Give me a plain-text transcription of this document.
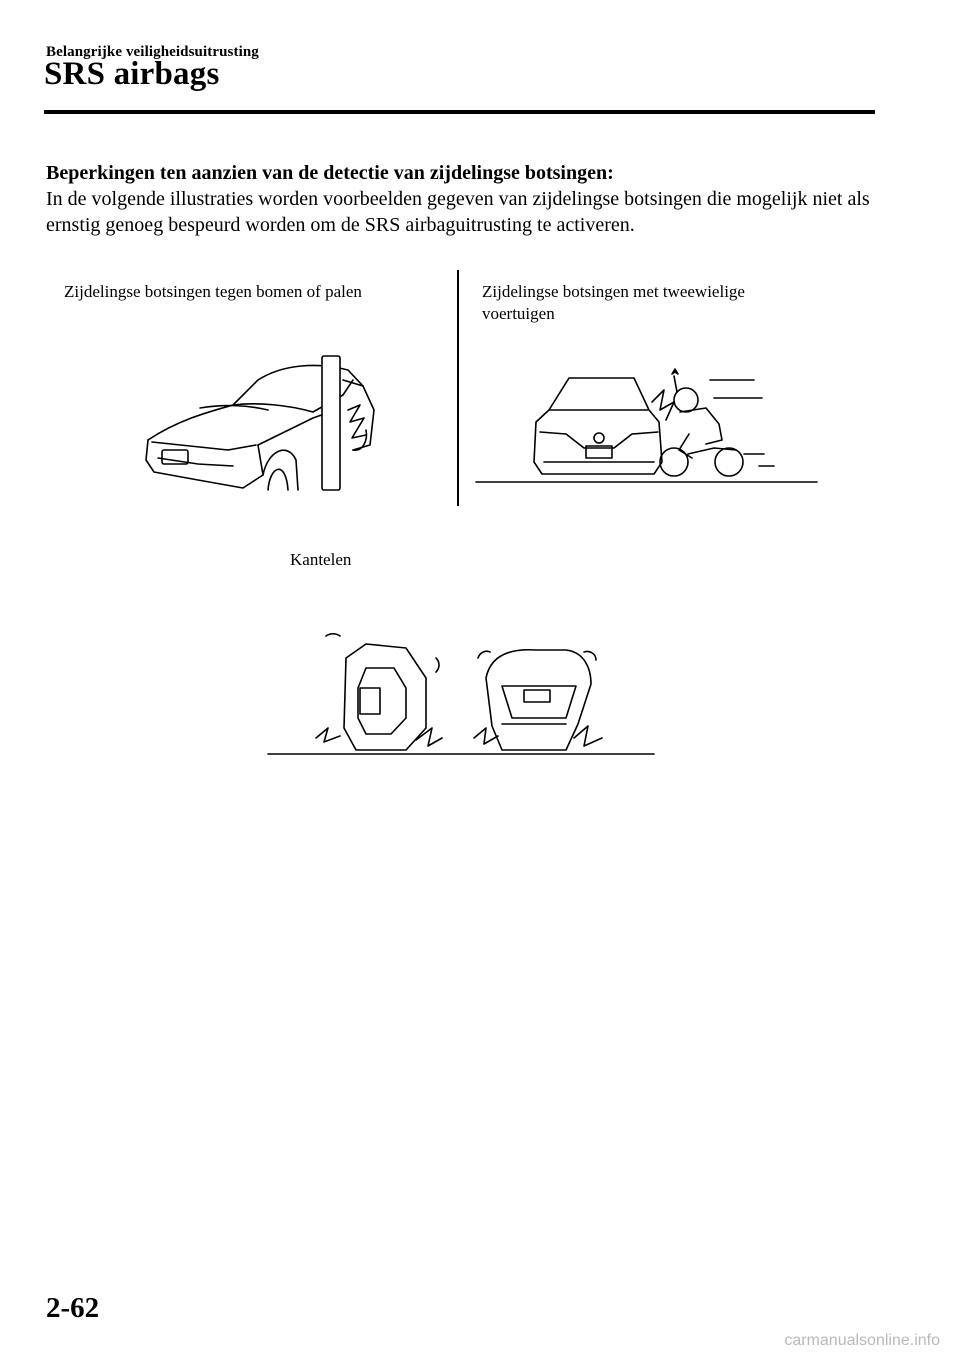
Belangrijke veiligheidsuitrusting
SRS airbags
Beperkingen ten aanzien van de detectie van zijdelingse botsingen:
In de volgende illustraties worden voorbeelden gegeven van zijdelingse botsingen die mogelijk niet als ernstig genoeg bespeurd worden om de SRS airbaguitrusting te activeren.
Zijdelingse botsingen tegen bomen of palen	Zijdelingse botsingen met tweewielige voertuigen
Kantelen
2-62
carmanualsonline.info
